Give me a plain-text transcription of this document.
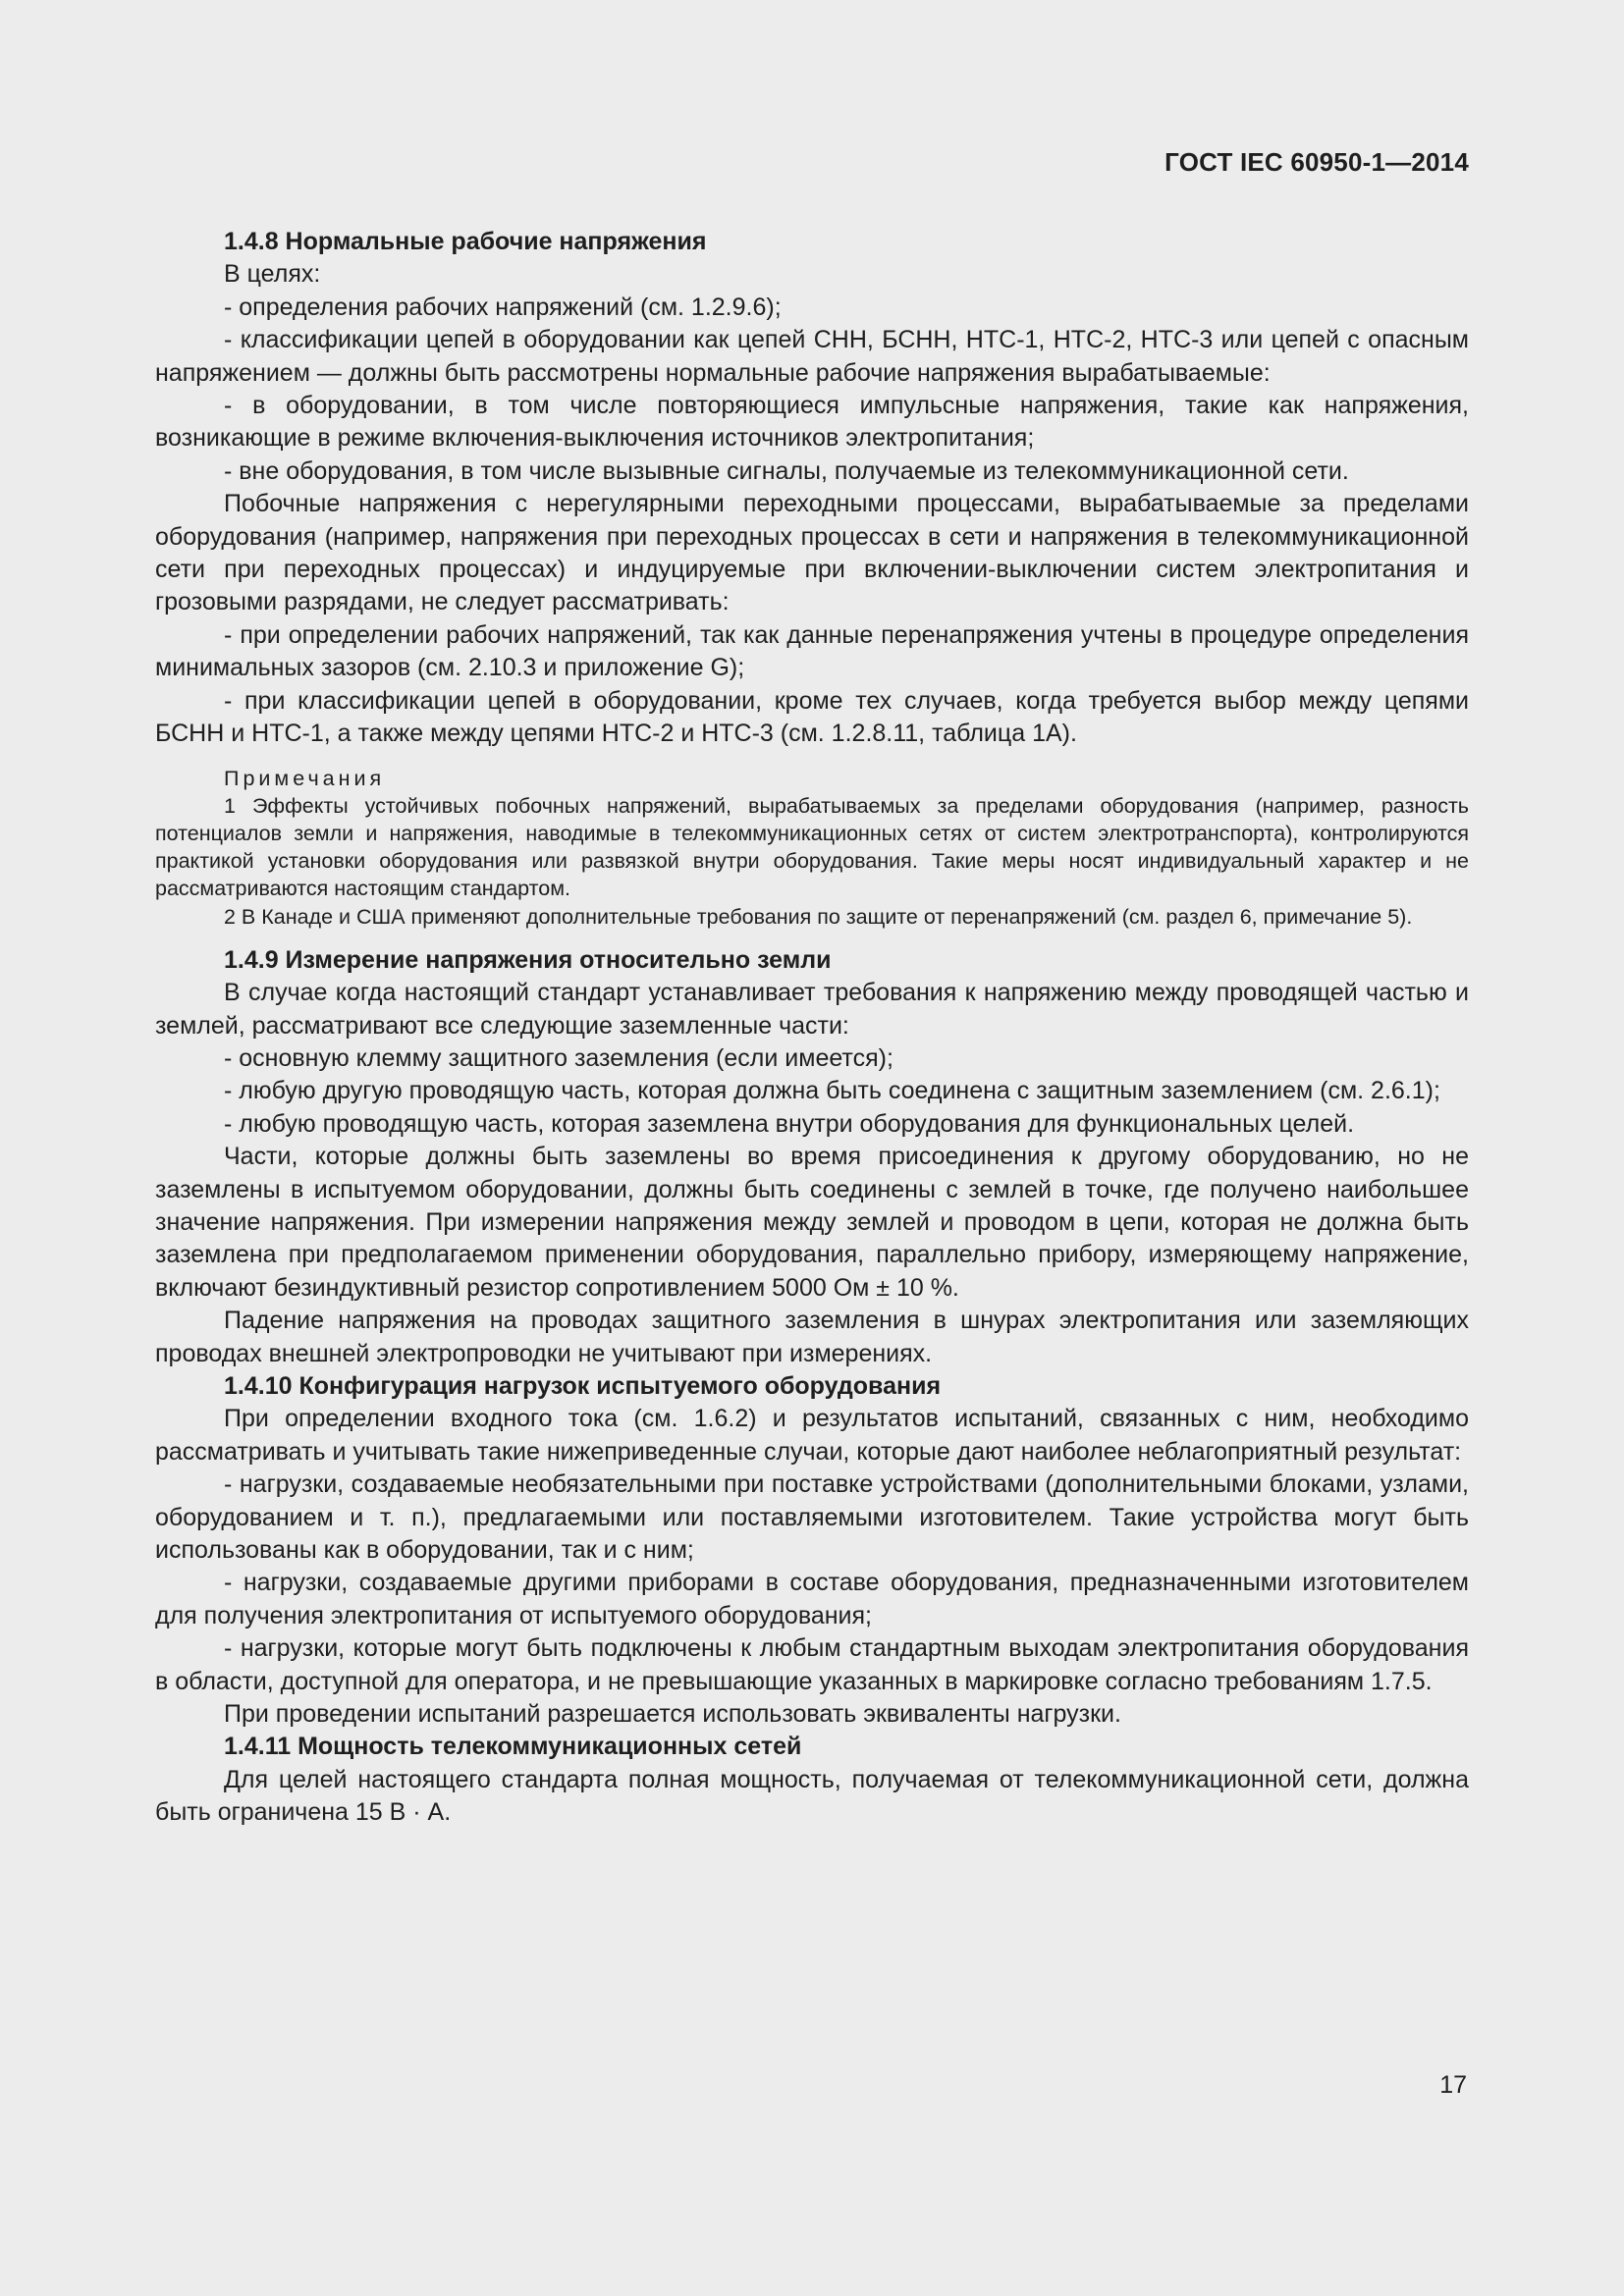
ГОСТ IEC 60950-1—2014

1.4.8 Нормальные рабочие напряжения

В целях:

- определения рабочих напряжений (см. 1.2.9.6);

- классификации цепей в оборудовании как цепей СНН, БСНН, НТС-1, НТС-2, НТС-3 или цепей с опасным напряжением — должны быть рассмотрены нормальные рабочие напряжения вырабатываемые:

- в оборудовании, в том числе повторяющиеся импульсные напряжения, такие как напряжения, возникающие в режиме включения-выключения источников электропитания;

- вне оборудования, в том числе вызывные сигналы, получаемые из телекоммуникационной сети.

Побочные напряжения с нерегулярными переходными процессами, вырабатываемые за пределами оборудования (например, напряжения при переходных процессах в сети и напряжения в телекоммуникационной сети при переходных процессах) и индуцируемые при включении-выключении систем электропитания и грозовыми разрядами, не следует рассматривать:

- при определении рабочих напряжений, так как данные перенапряжения учтены в процедуре определения минимальных зазоров (см. 2.10.3 и приложение G);

- при классификации цепей в оборудовании, кроме тех случаев, когда требуется выбор между цепями БСНН и НТС-1, а также между цепями НТС-2 и НТС-3 (см. 1.2.8.11, таблица 1А).

Примечания

1 Эффекты устойчивых побочных напряжений, вырабатываемых за пределами оборудования (например, разность потенциалов земли и напряжения, наводимые в телекоммуникационных сетях от систем электротранспорта), контролируются практикой установки оборудования или развязкой внутри оборудования. Такие меры носят индивидуальный характер и не рассматриваются настоящим стандартом.

2 В Канаде и США применяют дополнительные требования по защите от перенапряжений (см. раздел 6, примечание 5).

1.4.9 Измерение напряжения относительно земли

В случае когда настоящий стандарт устанавливает требования к напряжению между проводящей частью и землей, рассматривают все следующие заземленные части:

- основную клемму защитного заземления (если имеется);

- любую другую проводящую часть, которая должна быть соединена с защитным заземлением (см. 2.6.1);

- любую проводящую часть, которая заземлена внутри оборудования для функциональных целей.

Части, которые должны быть заземлены во время присоединения к другому оборудованию, но не заземлены в испытуемом оборудовании, должны быть соединены с землей в точке, где получено наибольшее значение напряжения. При измерении напряжения между землей и проводом в цепи, которая не должна быть заземлена при предполагаемом применении оборудования, параллельно прибору, измеряющему напряжение, включают безиндуктивный резистор сопротивлением 5000 Ом ± 10 %.

Падение напряжения на проводах защитного заземления в шнурах электропитания или заземляющих проводах внешней электропроводки не учитывают при измерениях.

1.4.10 Конфигурация нагрузок испытуемого оборудования

При определении входного тока (см. 1.6.2) и результатов испытаний, связанных с ним, необходимо рассматривать и учитывать такие нижеприведенные случаи, которые дают наиболее неблагоприятный результат:

- нагрузки, создаваемые необязательными при поставке устройствами (дополнительными блоками, узлами, оборудованием и т. п.), предлагаемыми или поставляемыми изготовителем. Такие устройства могут быть использованы как в оборудовании, так и с ним;

- нагрузки, создаваемые другими приборами в составе оборудования, предназначенными изготовителем для получения электропитания от испытуемого оборудования;

- нагрузки, которые могут быть подключены к любым стандартным выходам электропитания оборудования в области, доступной для оператора, и не превышающие указанных в маркировке согласно требованиям 1.7.5.

При проведении испытаний разрешается использовать эквиваленты нагрузки.

1.4.11 Мощность телекоммуникационных сетей

Для целей настоящего стандарта полная мощность, получаемая от телекоммуникационной сети, должна быть ограничена 15 В · А.

17
